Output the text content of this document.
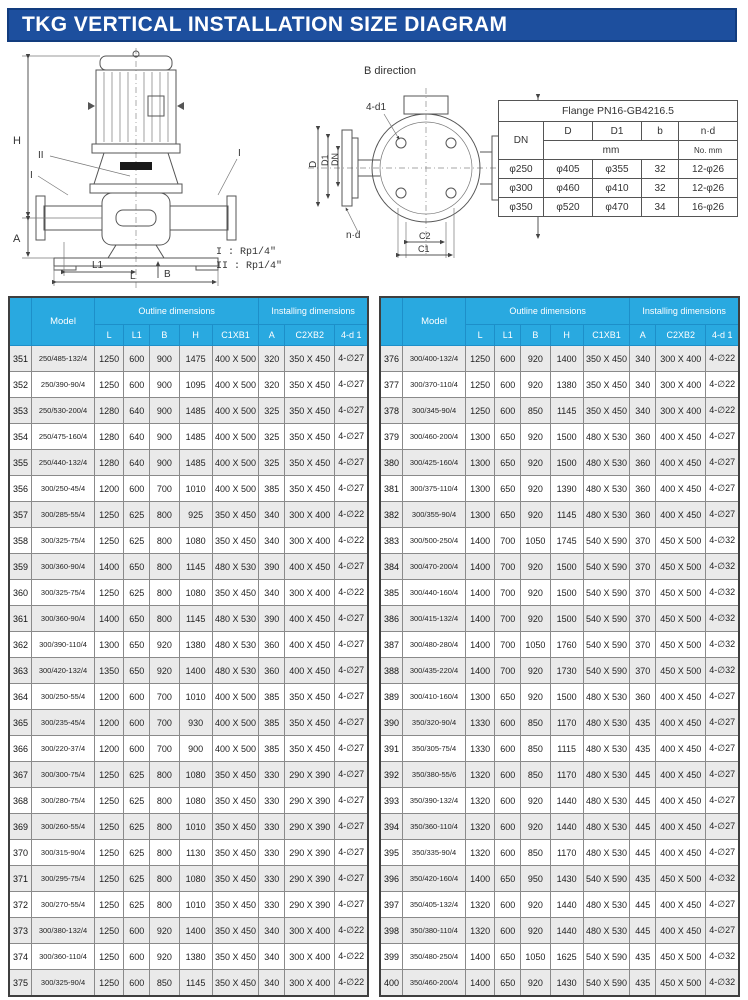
TKG VERTICAL INSTALLATION SIZE DIAGRAM
H
A
II
I
I
L1
B
L
B direction
4-d1
D D1 DN
n·d	C2
C1
Flange PN16-GB4216.5				
DN	D	D1	b	n·d
	mm			No. mm
φ250	φ405	φ355	32	12-φ26
φ300	φ460	φ410	32	12-φ26
φ350	φ520	φ470	34	16-φ26
I : Rp1/4"
II : Rp1/4"
	Model	Outline dimensions					Installing dimensions		
		L	L1	B	H	C1XB1	A	C2XB2	4-d 1
351	250/485-132/4	1250	600	900	1475	400 X 500	320	350 X 450	4-∅27
352	250/390-90/4	1250	600	900	1095	400 X 500	320	350 X 450	4-∅27
353	250/530-200/4	1280	640	900	1485	400 X 500	325	350 X 450	4-∅27
354	250/475-160/4	1280	640	900	1485	400 X 500	325	350 X 450	4-∅27
355	250/440-132/4	1280	640	900	1485	400 X 500	325	350 X 450	4-∅27
356	300/250-45/4	1200	600	700	1010	400 X 500	385	350 X 450	4-∅27
357	300/285-55/4	1250	625	800	925	350 X 450	340	300 X 400	4-∅22
358	300/325-75/4	1250	625	800	1080	350 X 450	340	300 X 400	4-∅22
359	300/360-90/4	1400	650	800	1145	480 X 530	390	400 X 450	4-∅27
360	300/325-75/4	1250	625	800	1080	350 X 450	340	300 X 400	4-∅22
361	300/360-90/4	1400	650	800	1145	480 X 530	390	400 X 450	4-∅27
362	300/390-110/4	1300	650	920	1380	480 X 530	360	400 X 450	4-∅27
363	300/420-132/4	1350	650	920	1400	480 X 530	360	400 X 450	4-∅27
364	300/250-55/4	1200	600	700	1010	400 X 500	385	350 X 450	4-∅27
365	300/235-45/4	1200	600	700	930	400 X 500	385	350 X 450	4-∅27
366	300/220-37/4	1200	600	700	900	400 X 500	385	350 X 450	4-∅27
367	300/300-75/4	1250	625	800	1080	350 X 450	330	290 X 390	4-∅27
368	300/280-75/4	1250	625	800	1080	350 X 450	330	290 X 390	4-∅27
369	300/260-55/4	1250	625	800	1010	350 X 450	330	290 X 390	4-∅27
370	300/315-90/4	1250	625	800	1130	350 X 450	330	290 X 390	4-∅27
371	300/295-75/4	1250	625	800	1080	350 X 450	330	290 X 390	4-∅27
372	300/270-55/4	1250	625	800	1010	350 X 450	330	290 X 390	4-∅27
373	300/380-132/4	1250	600	920	1400	350 X 450	340	300 X 400	4-∅22
374	300/360-110/4	1250	600	920	1380	350 X 450	340	300 X 400	4-∅22
375	300/325-90/4	1250	600	850	1145	350 X 450	340	300 X 400	4-∅22
	Model	Outline dimensions					Installing dimensions		
		L	L1	B	H	C1XB1	A	C2XB2	4-d 1
376	300/400-132/4	1250	600	920	1400	350 X 450	340	300 X 400	4-∅22
377	300/370-110/4	1250	600	920	1380	350 X 450	340	300 X 400	4-∅22
378	300/345-90/4	1250	600	850	1145	350 X 450	340	300 X 400	4-∅22
379	300/460-200/4	1300	650	920	1500	480 X 530	360	400 X 450	4-∅27
380	300/425-160/4	1300	650	920	1500	480 X 530	360	400 X 450	4-∅27
381	300/375-110/4	1300	650	920	1390	480 X 530	360	400 X 450	4-∅27
382	300/355-90/4	1300	650	920	1145	480 X 530	360	400 X 450	4-∅27
383	300/500-250/4	1400	700	1050	1745	540 X 590	370	450 X 500	4-∅32
384	300/470-200/4	1400	700	920	1500	540 X 590	370	450 X 500	4-∅32
385	300/440-160/4	1400	700	920	1500	540 X 590	370	450 X 500	4-∅32
386	300/415-132/4	1400	700	920	1500	540 X 590	370	450 X 500	4-∅32
387	300/480-280/4	1400	700	1050	1760	540 X 590	370	450 X 500	4-∅32
388	300/435-220/4	1400	700	920	1730	540 X 590	370	450 X 500	4-∅32
389	300/410-160/4	1300	650	920	1500	480 X 530	360	400 X 450	4-∅27
390	350/320-90/4	1330	600	850	1170	480 X 530	435	400 X 450	4-∅27
391	350/305-75/4	1330	600	850	1115	480 X 530	435	400 X 450	4-∅27
392	350/380-55/6	1320	600	850	1170	480 X 530	445	400 X 450	4-∅27
393	350/390-132/4	1320	600	920	1440	480 X 530	445	400 X 450	4-∅27
394	350/360-110/4	1320	600	920	1440	480 X 530	445	400 X 450	4-∅27
395	350/335-90/4	1320	600	850	1170	480 X 530	445	400 X 450	4-∅27
396	350/420-160/4	1400	650	950	1430	540 X 590	435	450 X 500	4-∅32
397	350/405-132/4	1320	600	920	1440	480 X 530	445	400 X 450	4-∅27
398	350/380-110/4	1320	600	920	1440	480 X 530	445	400 X 450	4-∅27
399	350/480-250/4	1400	650	1050	1625	540 X 590	435	450 X 500	4-∅32
400	350/460-200/4	1400	650	920	1430	540 X 590	435	450 X 500	4-∅32
